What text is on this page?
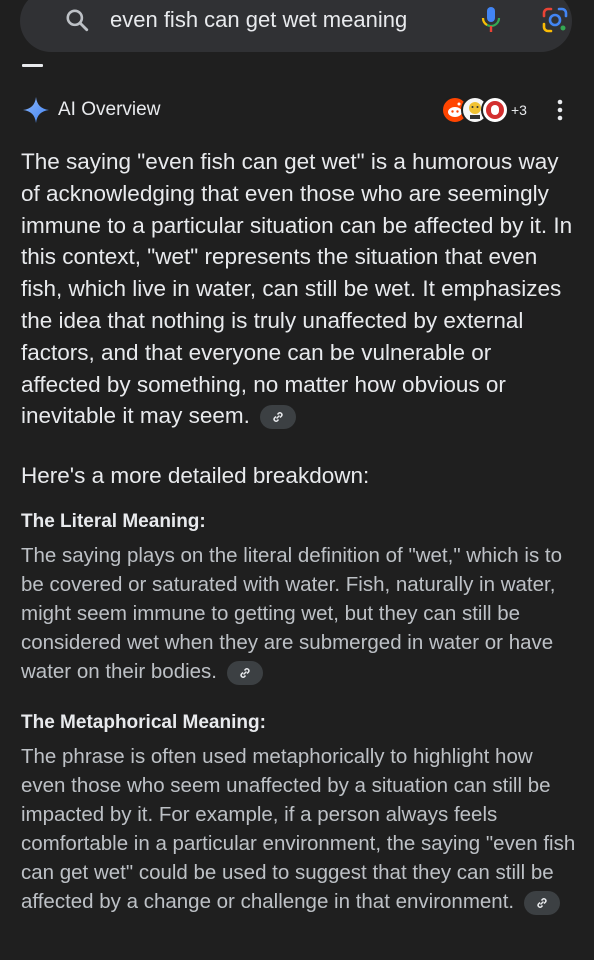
even fish can get wet meaning
AI Overview	+3
The saying "even fish can get wet" is a humorous way of acknowledging that even those who are seemingly immune to a particular situation can be affected by it. In this context, "wet" represents the situation that even fish, which live in water, can still be wet. It emphasizes the idea that nothing is truly unaffected by external factors, and that everyone can be vulnerable or affected by something, no matter how obvious or inevitable it may seem.
Here's a more detailed breakdown:
The Literal Meaning:
The saying plays on the literal definition of "wet," which is to be covered or saturated with water. Fish, naturally in water, might seem immune to getting wet, but they can still be considered wet when they are submerged in water or have water on their bodies.
The Metaphorical Meaning:
The phrase is often used metaphorically to highlight how even those who seem unaffected by a situation can still be impacted by it. For example, if a person always feels comfortable in a particular environment, the saying "even fish can get wet" could be used to suggest that they can still be affected by a change or challenge in that environment.
